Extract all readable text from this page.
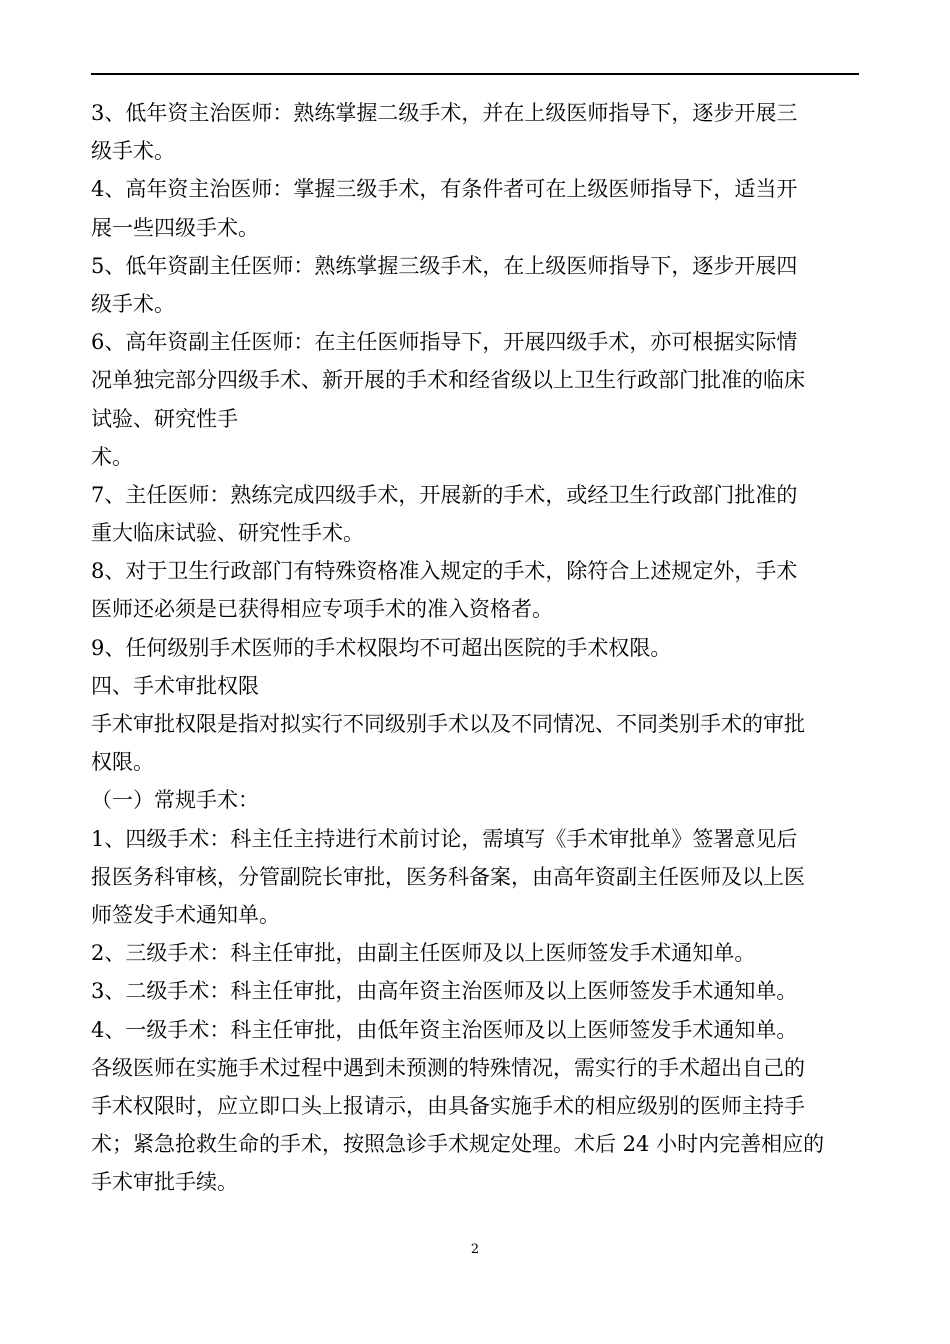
3、低年资主治医师：熟练掌握二级手术，并在上级医师指导下，逐步开展三
级手术。
4、高年资主治医师：掌握三级手术，有条件者可在上级医师指导下，适当开
展一些四级手术。
5、低年资副主任医师：熟练掌握三级手术，在上级医师指导下，逐步开展四
级手术。
6、高年资副主任医师：在主任医师指导下，开展四级手术，亦可根据实际情
况单独完部分四级手术、新开展的手术和经省级以上卫生行政部门批准的临床
试验、研究性手
术。
7、主任医师：熟练完成四级手术，开展新的手术，或经卫生行政部门批准的
重大临床试验、研究性手术。
8、对于卫生行政部门有特殊资格准入规定的手术，除符合上述规定外，手术
医师还必须是已获得相应专项手术的准入资格者。
9、任何级别手术医师的手术权限均不可超出医院的手术权限。
四、手术审批权限
手术审批权限是指对拟实行不同级别手术以及不同情况、不同类别手术的审批
权限。
（一）常规手术：
1、四级手术：科主任主持进行术前讨论，需填写《手术审批单》签署意见后
报医务科审核，分管副院长审批，医务科备案，由高年资副主任医师及以上医
师签发手术通知单。
2、三级手术：科主任审批，由副主任医师及以上医师签发手术通知单。
3、二级手术：科主任审批，由高年资主治医师及以上医师签发手术通知单。
4、一级手术：科主任审批，由低年资主治医师及以上医师签发手术通知单。
各级医师在实施手术过程中遇到未预测的特殊情况，需实行的手术超出自己的
手术权限时，应立即口头上报请示，由具备实施手术的相应级别的医师主持手
术；紧急抢救生命的手术，按照急诊手术规定处理。术后 24 小时内完善相应的
手术审批手续。
2
